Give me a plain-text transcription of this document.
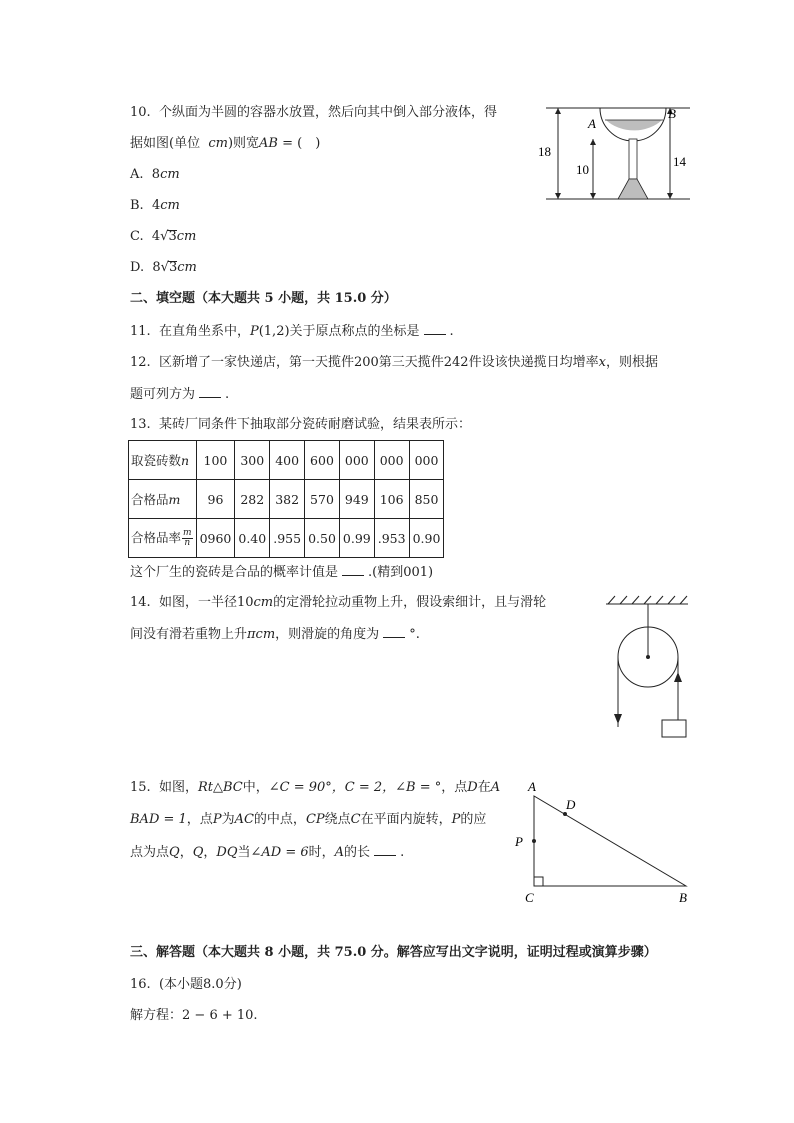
10. 个纵面为半圆的容器水放置，然后向其中倒入部分液体，得
据如图(单位 cm)则宽AB = (　)
A. 8cm
B. 4cm
C. 4√3cm
D. 8√3cm
18
10
14
A
B
二、填空题（本大题共 5 小题，共 15.0 分）
11. 在直角坐系中，P(1,2)关于原点称点的坐标是 .
12. 区新增了一家快递店，第一天揽件200第三天揽件242件设该快递揽日均增率x，则根据
题可列方为 .
13. 某砖厂同条件下抽取部分瓷砖耐磨试验，结果表所示：
取瓷砖数n	100	300	400	600	000	000	000
合格品m	96	282	382	570	949	106	850
合格品率 $\frac{m}{n}$	0960	0.40	.955	0.50	0.99	.953	0.90
这个厂生的瓷砖是合品的概率计值是 .(精到001)
14. 如图，一半径10cm的定滑轮拉动重物上升，假设索细计，且与滑轮
间没有滑若重物上升πcm，则滑旋的角度为 °.
15. 如图，Rt△BC中，∠C = 90°，C = 2，∠B = °，点D在A
BAD = 1，点P为AC的中点，CP绕点C在平面内旋转，P的应
点为点Q，Q，DQ当∠AD = 6时，A的长 .
A
D
P
C	B
三、解答题（本大题共 8 小题，共 75.0 分。解答应写出文字说明，证明过程或演算步骤）
16. (本小题8.0分)
解方程：2 − 6 + 10.
